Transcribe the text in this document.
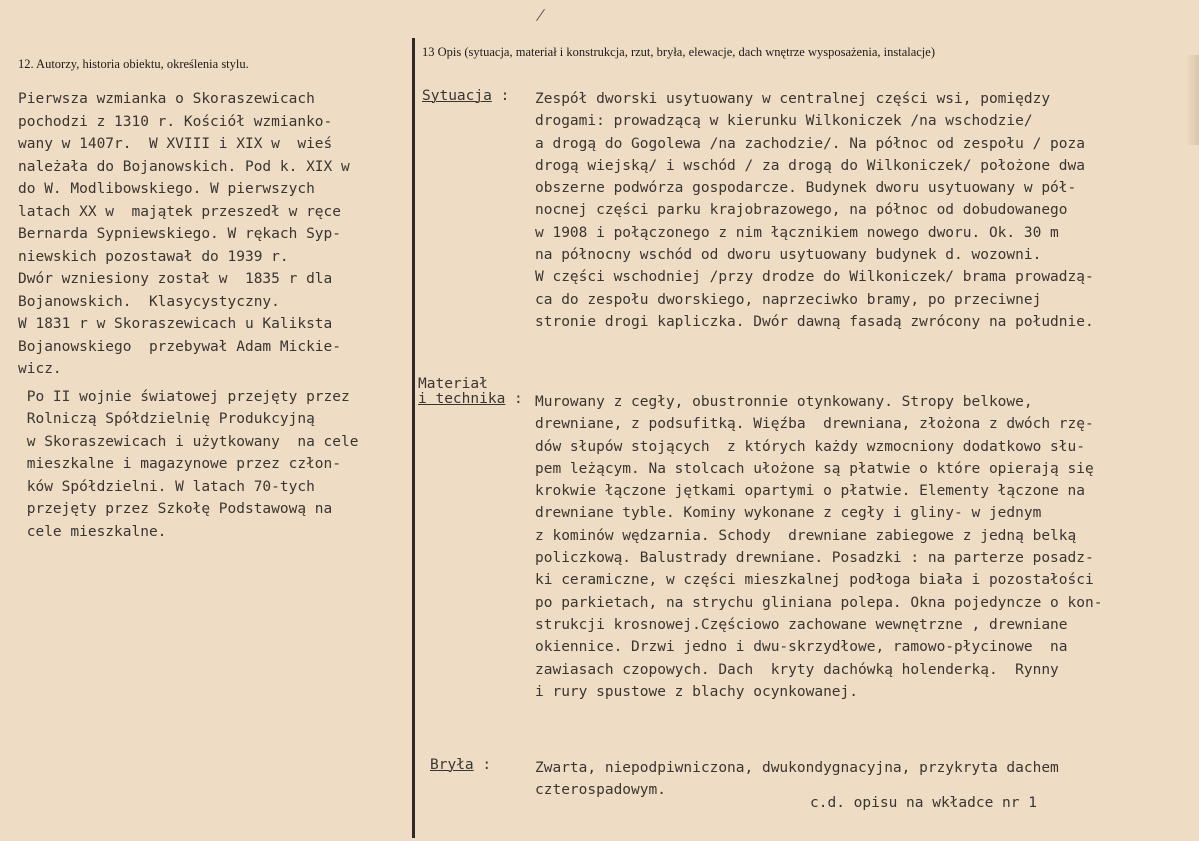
12. Autorzy, historia obiektu, określenia stylu.
13 Opis (sytuacja, materiał i konstrukcja, rzut, bryła, elewacje, dach wnętrze wysposażenia, instalacje)
Pierwsza wzmianka o Skoraszewicach
pochodzi z 1310 r. Kościół wzmianko-
wany w 1407r.  W XVIII i XIX w  wieś
należała do Bojanowskich. Pod k. XIX w
do W. Modlibowskiego. W pierwszych
latach XX w  majątek przeszedł w ręce
Bernarda Sypniewskiego. W rękach Syp-
niewskich pozostawał do 1939 r.
Dwór wzniesiony został w  1835 r dla
Bojanowskich.  Klasycystyczny.
W 1831 r w Skoraszewicach u Kaliksta
Bojanowskiego  przebywał Adam Mickie-
wicz.
Po II wojnie światowej przejęty przez
Rolniczą Spółdzielnię Produkcyjną
w Skoraszewicach i użytkowany  na cele
mieszkalne i magazynowe przez człon-
ków Spółdzielni. W latach 70-tych
przejęty przez Szkołę Podstawową na
cele mieszkalne.
Sytuacja : Zespół dworski usytuowany w centralnej części wsi, pomiędzy
drogami: prowadzącą w kierunku Wilkoniczek /na wschodzie/
a drogą do Gogolewa /na zachodzie/. Na północ od zespołu / poza
drogą wiejską/ i wschód / za drogą do Wilkoniczek/ położone dwa
obszerne podwórza gospodarcze. Budynek dworu usytuowany w pół-
nocnej części parku krajobrazowego, na północ od dobudowanego
w 1908 i połączonego z nim łącznikiem nowego dworu. Ok. 30 m
na północny wschód od dworu usytuowany budynek d. wozowni.
W części wschodniej /przy drodze do Wilkoniczek/ brama prowadzą-
ca do zespołu dworskiego, naprzeciwko bramy, po przeciwnej
stronie drogi kapliczka. Dwór dawną fasadą zwrócony na południe.
Materiał
i technika : Murowany z cegły, obustronnie otynkowany. Stropy belkowe,
drewniane, z podsufitką. Więźba  drewniana, złożona z dwóch rzę-
dów słupów stojących  z których każdy wzmocniony dodatkowo słu-
pem leżącym. Na stolcach ułożone są płatwie o które opierają się
krokwie łączone jętkami opartymi o płatwie. Elementy łączone na
drewniane tyble. Kominy wykonane z cegły i gliny- w jednym
z kominów wędzarnia. Schody  drewniane zabiegowe z jedną belką
policzkową. Balustrady drewniane. Posadzki : na parterze posadz-
ki ceramiczne, w części mieszkalnej podłoga biała i pozostałości
po parkietach, na strychu gliniana polepa. Okna pojedyncze o kon-
strukcji krosnowej.Częściowo zachowane wewnętrzne , drewniane
okiennice. Drzwi jedno i dwu-skrzydłowe, ramowo-płycinowe  na
zawiasach czopowych. Dach  kryty dachówką holenderką.  Rynny
i rury spustowe z blachy ocynkowanej.
Bryła :	Zwarta, niepodpiwniczona, dwukondygnacyjna, przykryta dachem
czterospadowym.
c.d. opisu na wkładce nr 1
